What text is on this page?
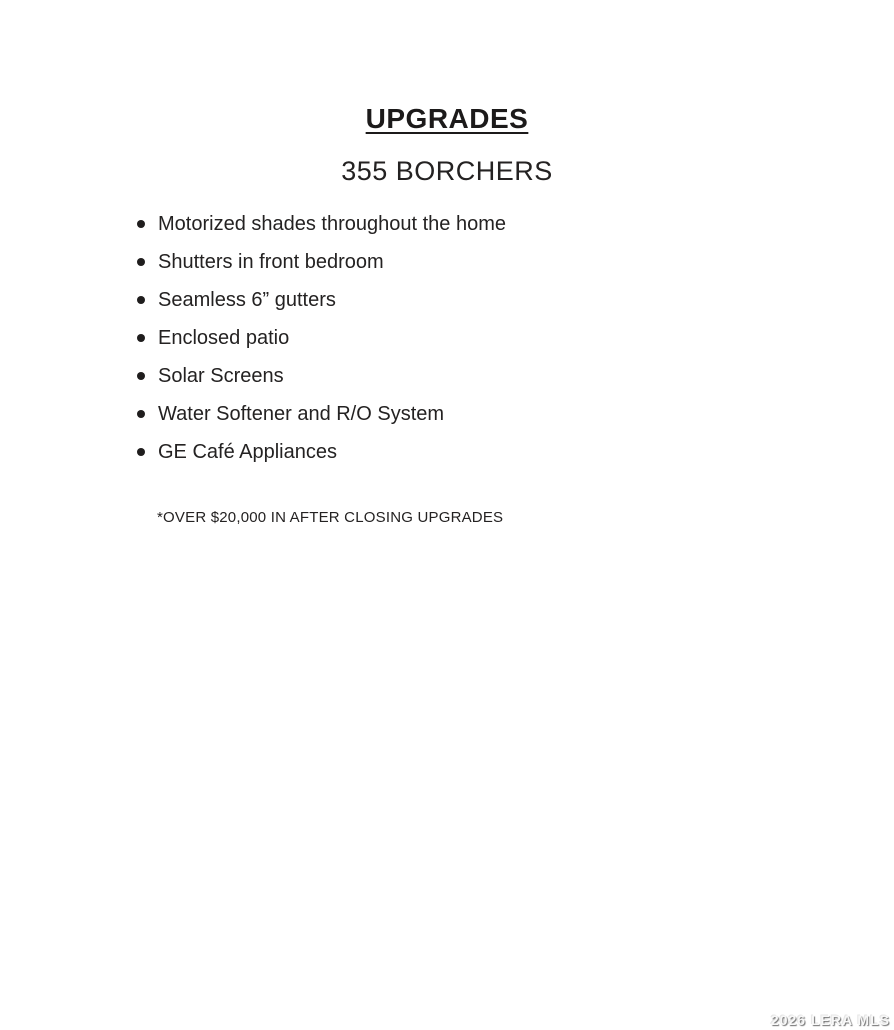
UPGRADES
355 BORCHERS
Motorized shades throughout the home
Shutters in front bedroom
Seamless 6” gutters
Enclosed patio
Solar Screens
Water Softener and R/O System
GE Café Appliances
*OVER $20,000 IN AFTER CLOSING UPGRADES
2026 LERA MLS
